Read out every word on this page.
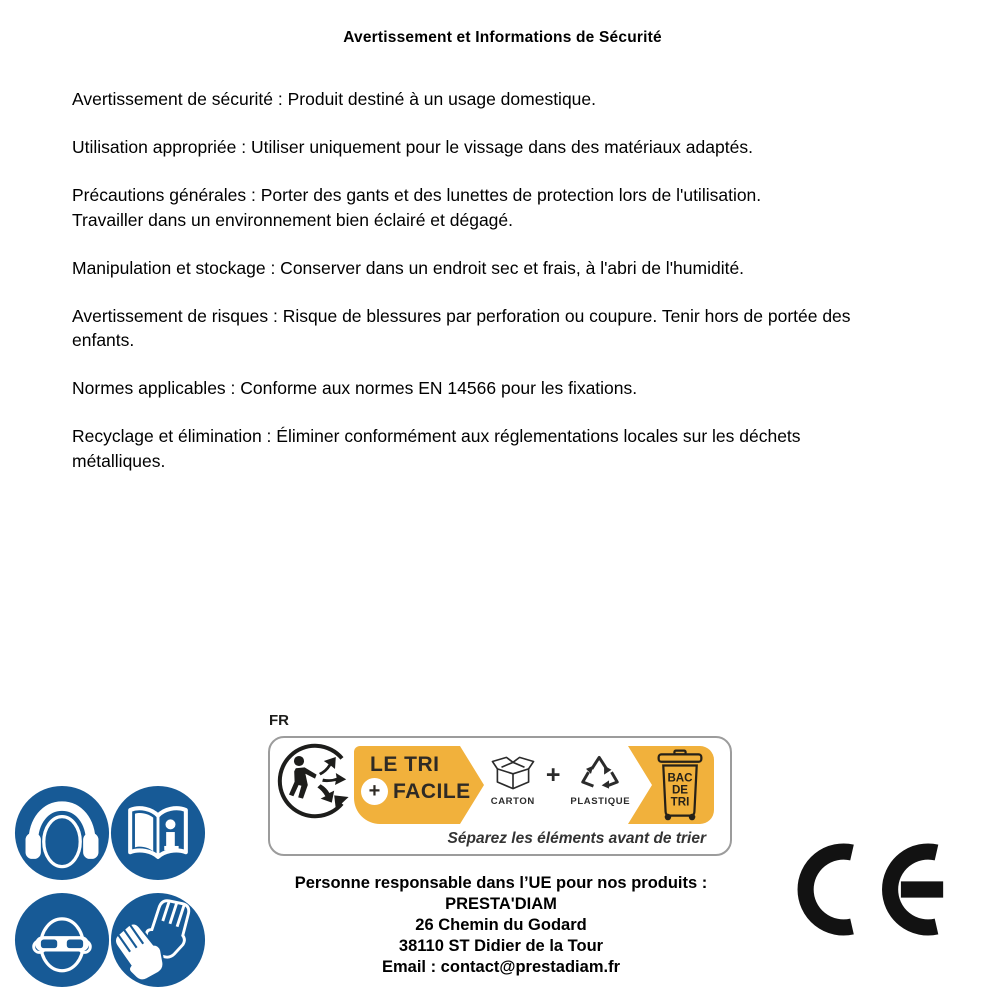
Avertissement et Informations de Sécurité

Avertissement de sécurité : Produit destiné à un usage domestique.

Utilisation appropriée : Utiliser uniquement pour le vissage dans des matériaux adaptés.

Précautions générales : Porter des gants et des lunettes de protection lors de l'utilisation.
Travailler dans un environnement bien éclairé et dégagé.

Manipulation et stockage : Conserver dans un endroit sec et frais, à l'abri de l'humidité.

Avertissement de risques : Risque de blessures par perforation ou coupure. Tenir hors de portée des
enfants.

Normes applicables : Conforme aux normes EN 14566 pour les fixations.

Recyclage et élimination : Éliminer conformément aux réglementations locales sur les déchets
métalliques.

FR
LE TRI
+ FACILE CARTON
+
PLASTIQUE
BAC
DE
TRI
Séparez les éléments avant de trier
Personne responsable dans l’UE pour nos produits :
PRESTA'DIAM
26 Chemin du Godard
38110 ST Didier de la Tour
Email : contact@prestadiam.fr
